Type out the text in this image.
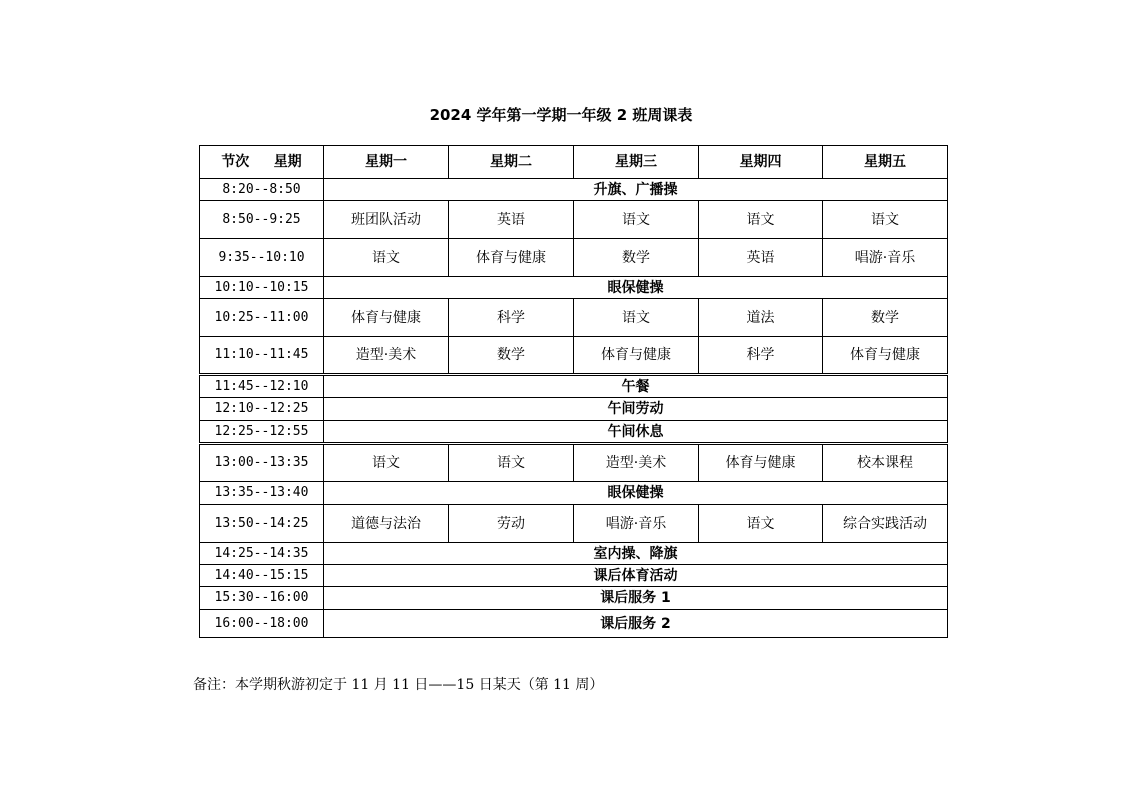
2024 学年第一学期一年级 2 班周课表
节次 星期	星期一	星期二	星期三	星期四	星期五
8:20--8:50	升旗、广播操				
8:50--9:25	班团队活动	英语	语文	语文	语文
9:35--10:10	语文	体育与健康	数学	英语	唱游·音乐
10:10--10:15	眼保健操				
10:25--11:00	体育与健康	科学	语文	道法	数学
11:10--11:45	造型·美术	数学	体育与健康	科学	体育与健康
11:45--12:10	午餐				
12:10--12:25	午间劳动				
12:25--12:55	午间休息				
13:00--13:35	语文	语文	造型·美术	体育与健康	校本课程
13:35--13:40	眼保健操				
13:50--14:25	道德与法治	劳动	唱游·音乐	语文	综合实践活动
14:25--14:35	室内操、降旗				
14:40--15:15	课后体育活动				
15:30--16:00	课后服务 1				
16:00--18:00	课后服务 2				
备注：本学期秋游初定于 11 月 11 日——15 日某天（第 11 周）
